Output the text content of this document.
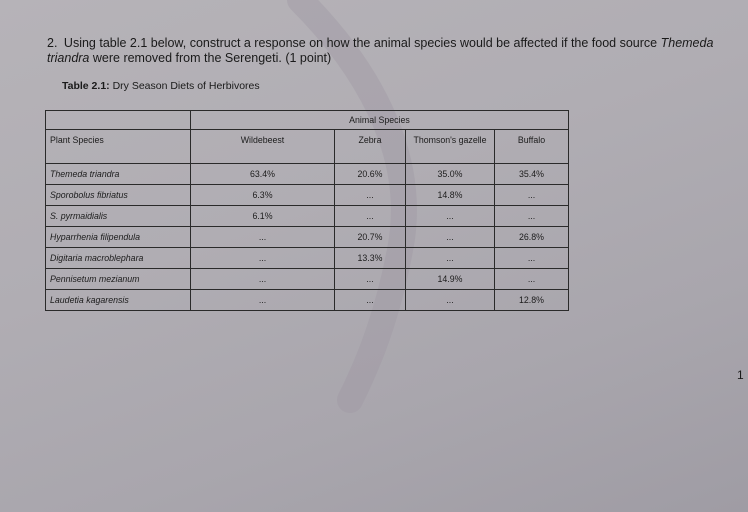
2. Using table 2.1 below, construct a response on how the animal species would be affected if the food source Themeda triandra were removed from the Serengeti. (1 point)
Table 2.1: Dry Season Diets of Herbivores
	Animal Species			
Plant Species	Wildebeest	Zebra	Thomson's gazelle	Buffalo
Themeda triandra	63.4%	20.6%	35.0%	35.4%
Sporobolus fibriatus	6.3%	...	14.8%	...
S. pyrmaidialis	6.1%	...	...	...
Hyparrhenia filipendula	...	20.7%	...	26.8%
Digitaria macroblephara	...	13.3%	...	...
Pennisetum mezianum	...	...	14.9%	...
Laudetia kagarensis	...	...	...	12.8%
1
